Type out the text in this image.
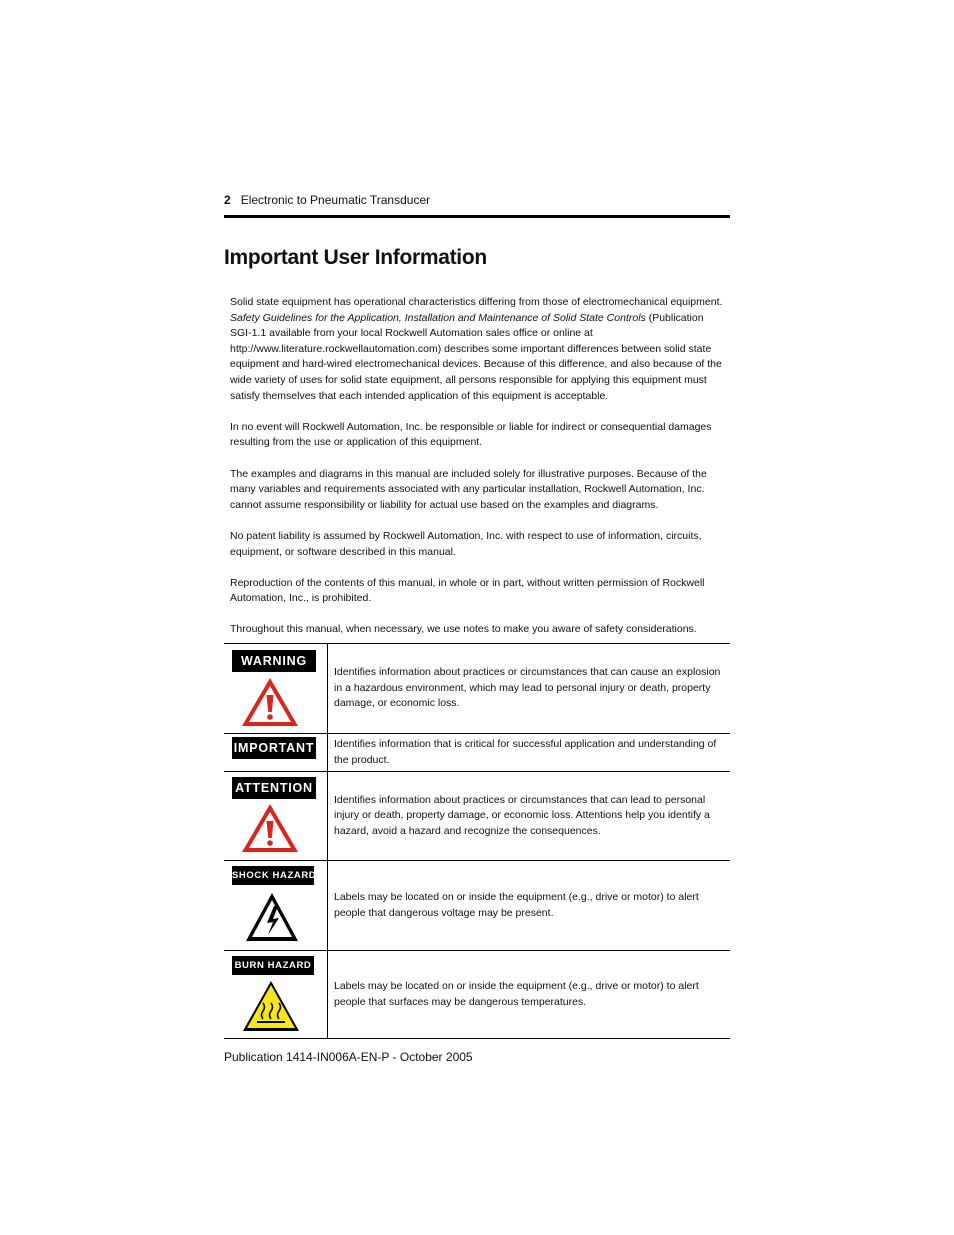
2 Electronic to Pneumatic Transducer
Important User Information

Solid state equipment has operational characteristics differing from those of electromechanical equipment. Safety Guidelines for the Application, Installation and Maintenance of Solid State Controls (Publication SGI-1.1 available from your local Rockwell Automation sales office or online at http://www.literature.rockwellautomation.com) describes some important differences between solid state equipment and hard-wired electromechanical devices. Because of this difference, and also because of the wide variety of uses for solid state equipment, all persons responsible for applying this equipment must satisfy themselves that each intended application of this equipment is acceptable.

In no event will Rockwell Automation, Inc. be responsible or liable for indirect or consequential damages resulting from the use or application of this equipment.

The examples and diagrams in this manual are included solely for illustrative purposes. Because of the many variables and requirements associated with any particular installation, Rockwell Automation, Inc. cannot assume responsibility or liability for actual use based on the examples and diagrams.

No patent liability is assumed by Rockwell Automation, Inc. with respect to use of information, circuits, equipment, or software described in this manual.

Reproduction of the contents of this manual, in whole or in part, without written permission of Rockwell Automation, Inc., is prohibited.

Throughout this manual, when necessary, we use notes to make you aware of safety considerations.

WARNING
Identifies information about practices or circumstances that can cause an explosion in a hazardous environment, which may lead to personal injury or death, property damage, or economic loss.
IMPORTANT	Identifies information that is critical for successful application and understanding of the product.
ATTENTION
Identifies information about practices or circumstances that can lead to personal injury or death, property damage, or economic loss. Attentions help you identify a hazard, avoid a hazard and recognize the consequences.
SHOCK HAZARD
Labels may be located on or inside the equipment (e.g., drive or motor) to alert people that dangerous voltage may be present.
BURN HAZARD
Labels may be located on or inside the equipment (e.g., drive or motor) to alert people that surfaces may be dangerous temperatures.
Publication 1414-IN006A-EN-P - October 2005
